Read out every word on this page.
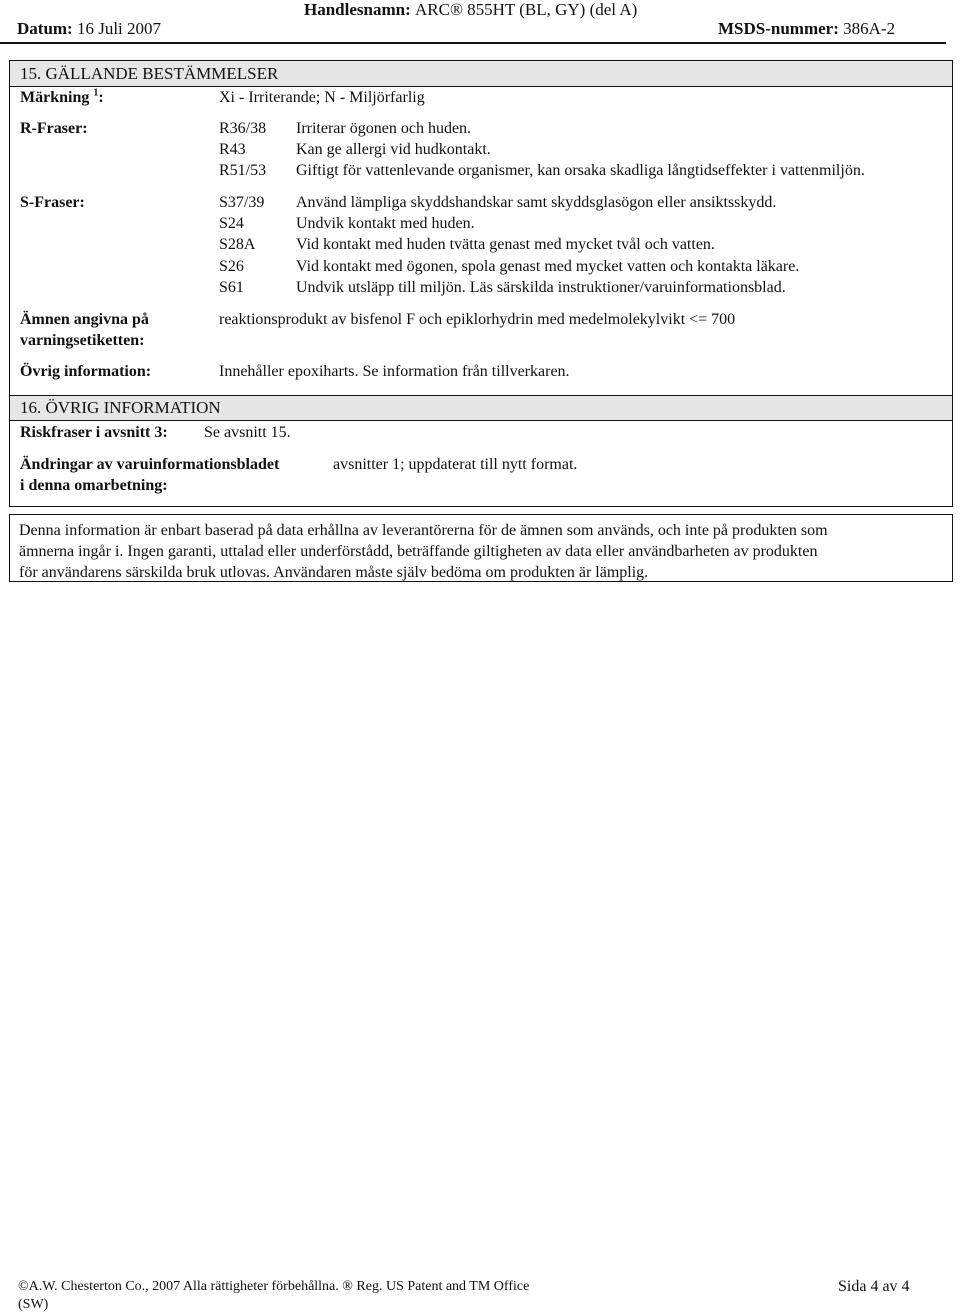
Handlesnamn: ARC® 855HT (BL, GY) (del A)
Datum: 16 Juli 2007	MSDS-nummer: 386A-2
15. GÄLLANDE BESTÄMMELSER
Märkning $^1$:	Xi - Irriterande; N - Miljörfarlig
R-Fraser:	R36/38 Irriterar ögonen och huden.
R43	Kan ge allergi vid hudkontakt.
R51/53 Giftigt för vattenlevande organismer, kan orsaka skadliga långtidseffekter i vattenmiljön.
S-Fraser:	S37/39 Använd lämpliga skyddshandskar samt skyddsglasögon eller ansiktsskydd.
S24	Undvik kontakt med huden.
S28A	Vid kontakt med huden tvätta genast med mycket tvål och vatten.
S26	Vid kontakt med ögonen, spola genast med mycket vatten och kontakta läkare.
S61	Undvik utsläpp till miljön. Läs särskilda instruktioner/varuinformationsblad.
Ämnen angivna på
varningsetiketten:
reaktionsprodukt av bisfenol F och epiklorhydrin med medelmolekylvikt <= 700
Övrig information:	Innehåller epoxiharts. Se information från tillverkaren.
16. ÖVRIG INFORMATION
Riskfraser i avsnitt 3: Se avsnitt 15.
Ändringar av varuinformationsbladet
i denna omarbetning:
avsnitter 1; uppdaterat till nytt format.
Denna information är enbart baserad på data erhållna av leverantörerna för de ämnen som används, och inte på produkten som
ämnerna ingår i. Ingen garanti, uttalad eller underförstådd, beträffande giltigheten av data eller användbarheten av produkten
för användarens särskilda bruk utlovas. Användaren måste själv bedöma om produkten är lämplig.
©A.W. Chesterton Co., 2007 Alla rättigheter förbehållna. ® Reg. US Patent and TM Office
(SW)
Sida 4 av 4
